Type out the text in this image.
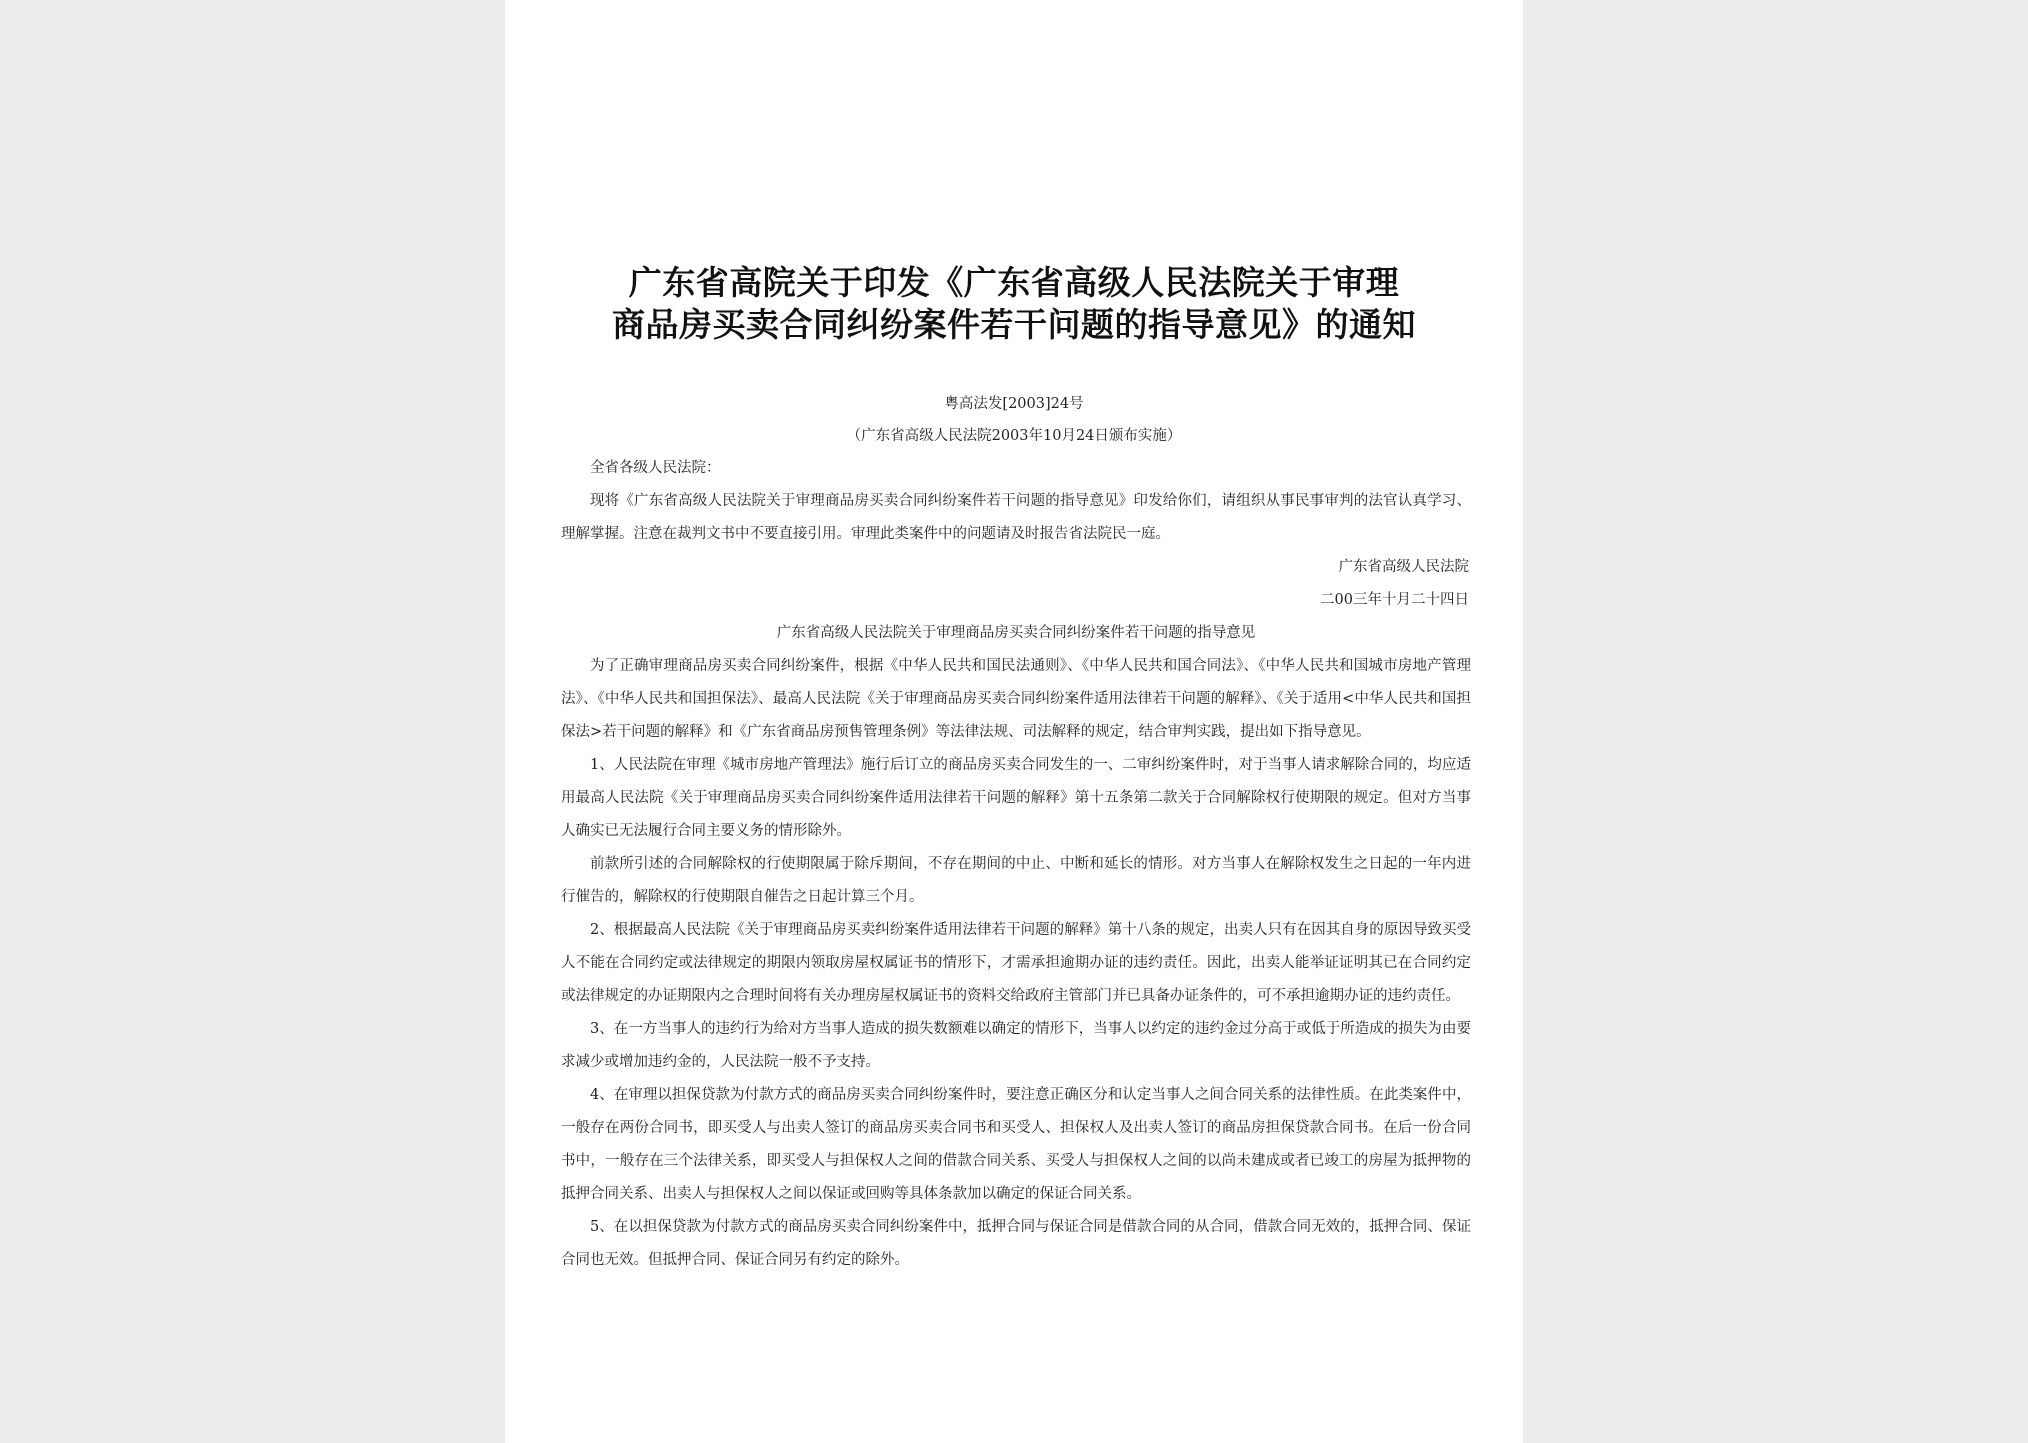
广东省高院关于印发《广东省高级人民法院关于审理
商品房买卖合同纠纷案件若干问题的指导意见》的通知
粤高法发[2003]24号
（广东省高级人民法院2003年10月24日颁布实施）

全省各级人民法院：

现将《广东省高级人民法院关于审理商品房买卖合同纠纷案件若干问题的指导意见》印发给你们，请组织从事民事审判的法官认真学习、理解掌握。注意在裁判文书中不要直接引用。审理此类案件中的问题请及时报告省法院民一庭。

广东省高级人民法院

二00三年十月二十四日

广东省高级人民法院关于审理商品房买卖合同纠纷案件若干问题的指导意见

为了正确审理商品房买卖合同纠纷案件，根据《中华人民共和国民法通则》、《中华人民共和国合同法》、《中华人民共和国城市房地产管理法》、《中华人民共和国担保法》、最高人民法院《关于审理商品房买卖合同纠纷案件适用法律若干问题的解释》、《关于适用<中华人民共和国担保法>若干问题的解释》和《广东省商品房预售管理条例》等法律法规、司法解释的规定，结合审判实践，提出如下指导意见。

1、人民法院在审理《城市房地产管理法》施行后订立的商品房买卖合同发生的一、二审纠纷案件时，对于当事人请求解除合同的，均应适用最高人民法院《关于审理商品房买卖合同纠纷案件适用法律若干问题的解释》第十五条第二款关于合同解除权行使期限的规定。但对方当事人确实已无法履行合同主要义务的情形除外。

前款所引述的合同解除权的行使期限属于除斥期间，不存在期间的中止、中断和延长的情形。对方当事人在解除权发生之日起的一年内进行催告的，解除权的行使期限自催告之日起计算三个月。

2、根据最高人民法院《关于审理商品房买卖纠纷案件适用法律若干问题的解释》第十八条的规定，出卖人只有在因其自身的原因导致买受人不能在合同约定或法律规定的期限内领取房屋权属证书的情形下，才需承担逾期办证的违约责任。因此，出卖人能举证证明其已在合同约定或法律规定的办证期限内之合理时间将有关办理房屋权属证书的资料交给政府主管部门并已具备办证条件的，可不承担逾期办证的违约责任。

3、在一方当事人的违约行为给对方当事人造成的损失数额难以确定的情形下，当事人以约定的违约金过分高于或低于所造成的损失为由要求减少或增加违约金的，人民法院一般不予支持。

4、在审理以担保贷款为付款方式的商品房买卖合同纠纷案件时，要注意正确区分和认定当事人之间合同关系的法律性质。在此类案件中，一般存在两份合同书，即买受人与出卖人签订的商品房买卖合同书和买受人、担保权人及出卖人签订的商品房担保贷款合同书。在后一份合同书中，一般存在三个法律关系，即买受人与担保权人之间的借款合同关系、买受人与担保权人之间的以尚未建成或者已竣工的房屋为抵押物的抵押合同关系、出卖人与担保权人之间以保证或回购等具体条款加以确定的保证合同关系。

5、在以担保贷款为付款方式的商品房买卖合同纠纷案件中，抵押合同与保证合同是借款合同的从合同，借款合同无效的，抵押合同、保证合同也无效。但抵押合同、保证合同另有约定的除外。
